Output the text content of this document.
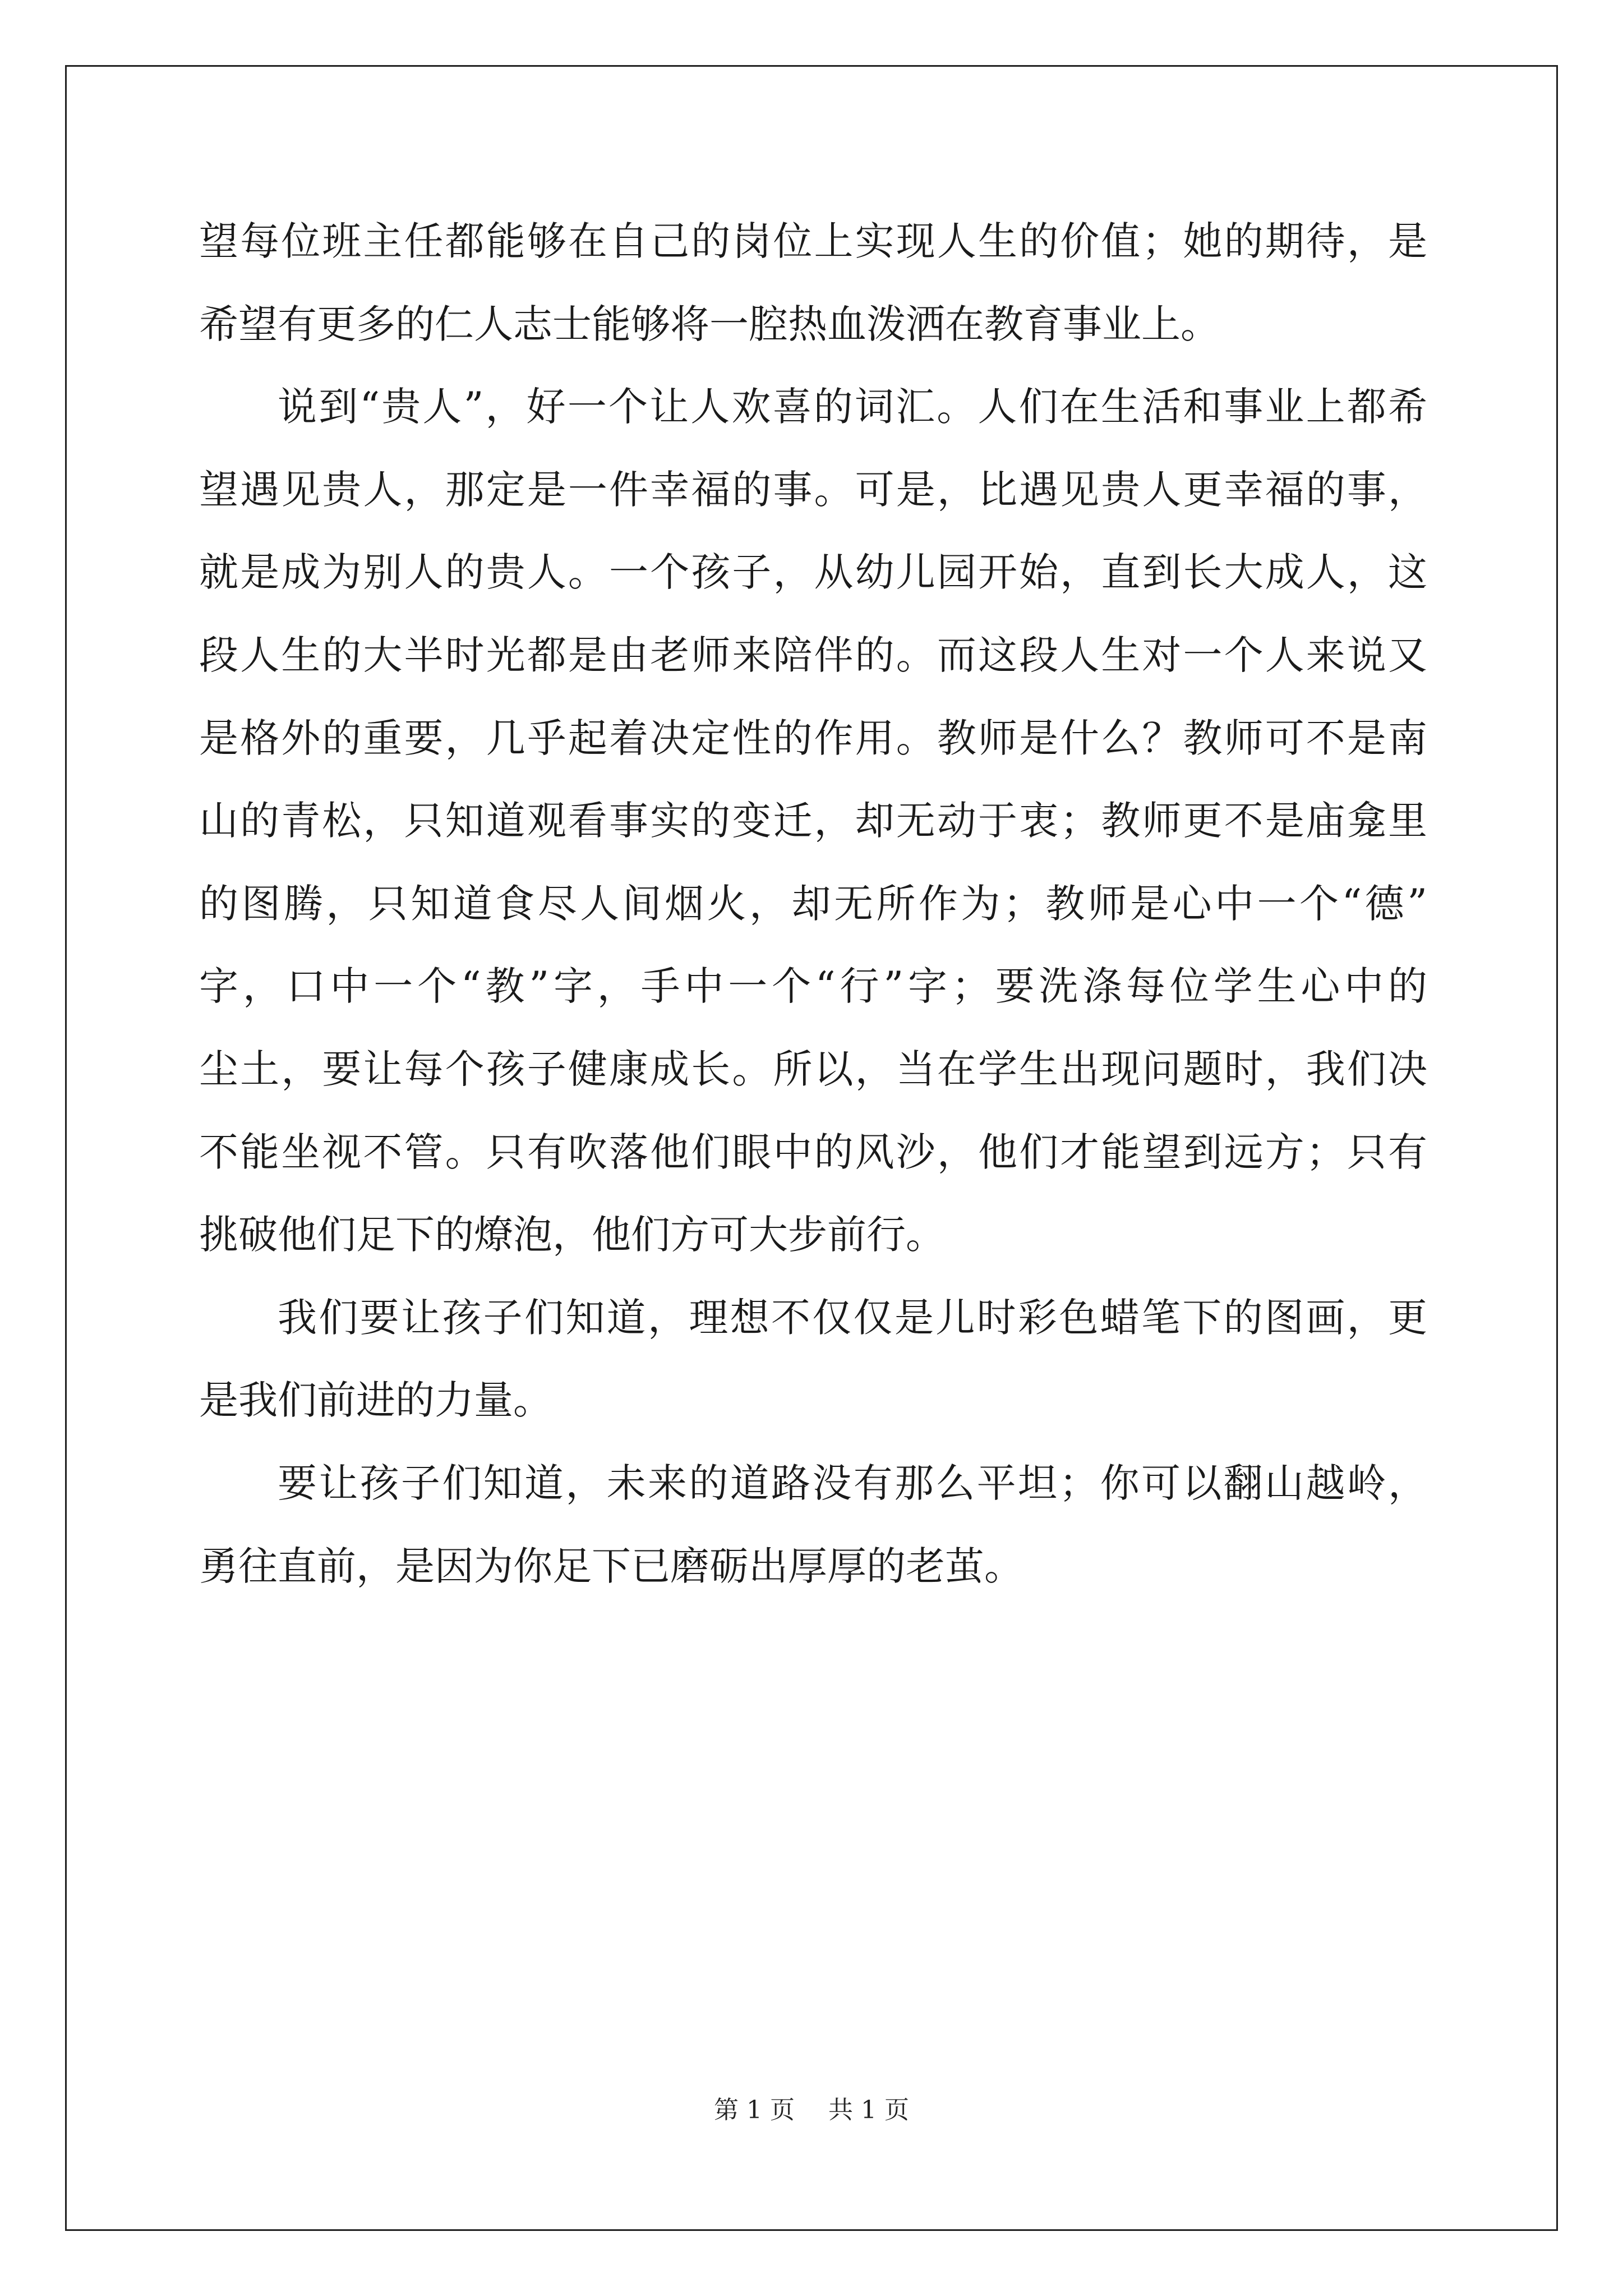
望每位班主任都能够在自己的岗位上实现人生的价值；她的期待，是
希望有更多的仁人志士能够将一腔热血泼洒在教育事业上。
说到“贵人”，好一个让人欢喜的词汇。人们在生活和事业上都希
望遇见贵人，那定是一件幸福的事。可是，比遇见贵人更幸福的事，
就是成为别人的贵人。一个孩子，从幼儿园开始，直到长大成人，这
段人生的大半时光都是由老师来陪伴的。而这段人生对一个人来说又
是格外的重要，几乎起着决定性的作用。教师是什么？教师可不是南
山的青松，只知道观看事实的变迁，却无动于衷；教师更不是庙龛里
的图腾，只知道食尽人间烟火，却无所作为；教师是心中一个“德”
字，口中一个“教”字，手中一个“行”字；要洗涤每位学生心中的
尘土，要让每个孩子健康成长。所以，当在学生出现问题时，我们决
不能坐视不管。只有吹落他们眼中的风沙，他们才能望到远方；只有
挑破他们足下的燎泡，他们方可大步前行。
我们要让孩子们知道，理想不仅仅是儿时彩色蜡笔下的图画，更
是我们前进的力量。
要让孩子们知道，未来的道路没有那么平坦；你可以翻山越岭，
勇往直前，是因为你足下已磨砺出厚厚的老茧。
第 1 页 共 1 页
